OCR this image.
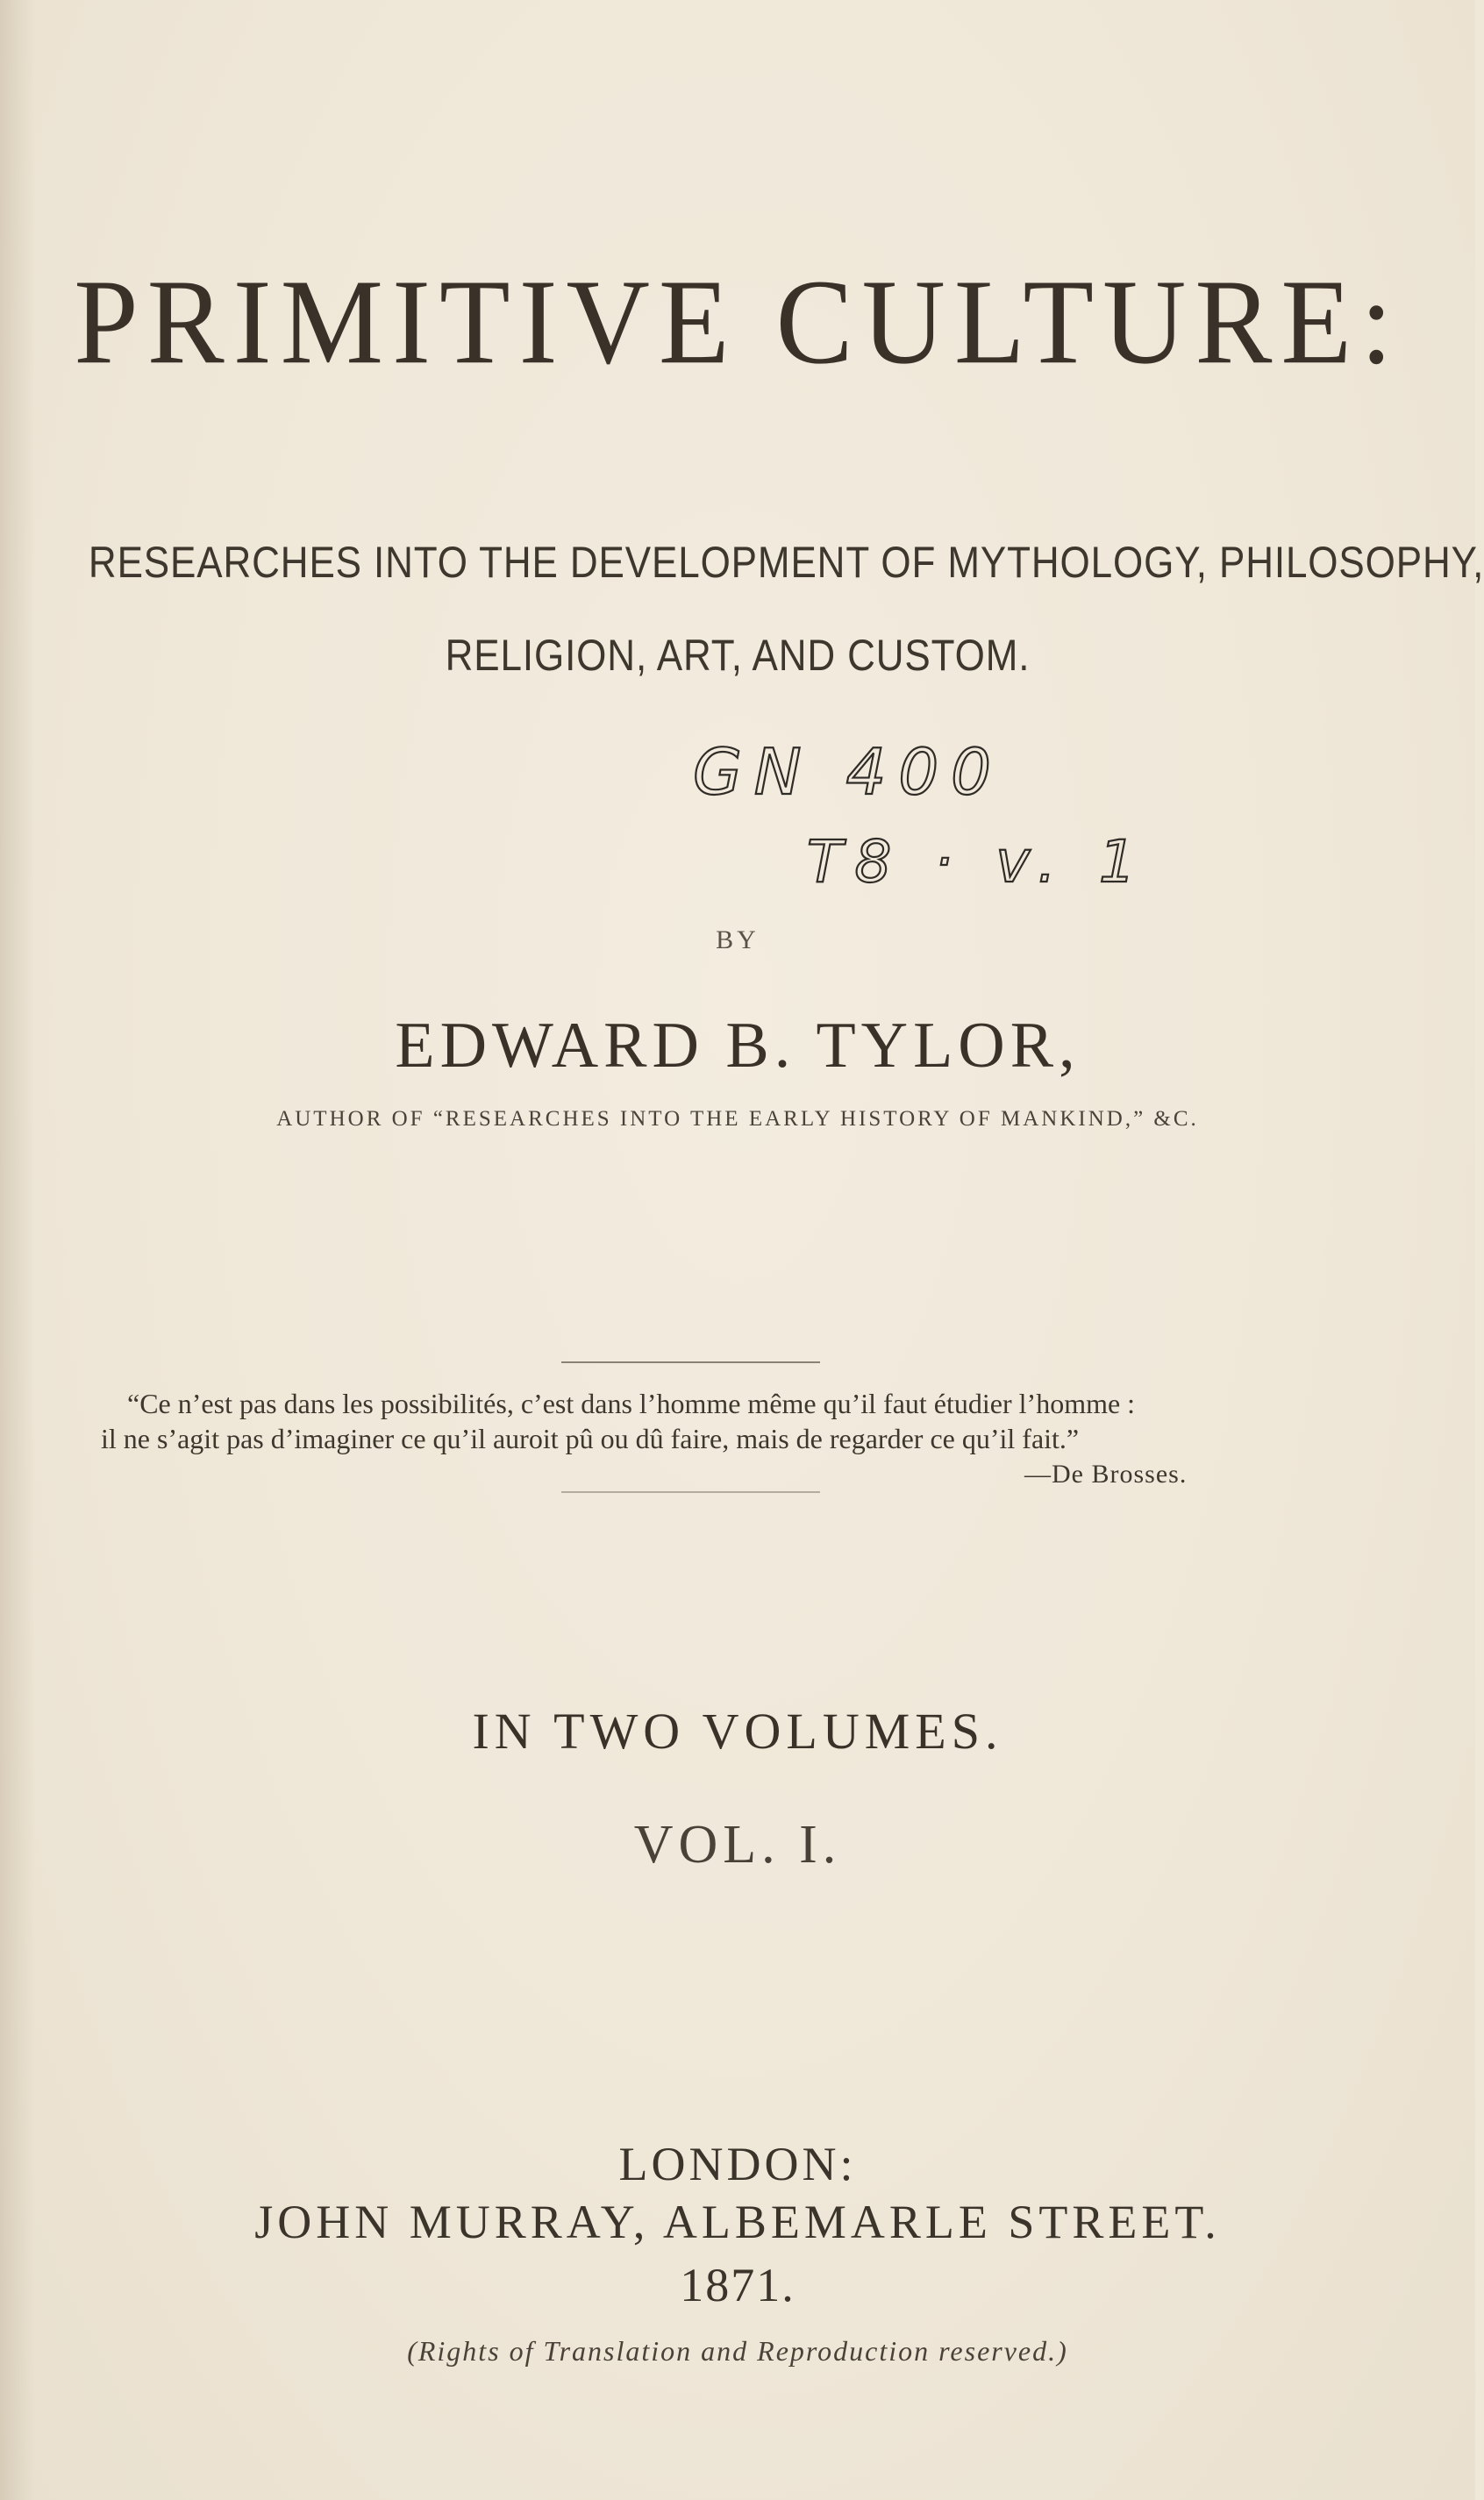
PRIMITIVE CULTURE:
RESEARCHES INTO THE DEVELOPMENT OF MYTHOLOGY, PHILOSOPHY,
RELIGION, ART, AND CUSTOM.
GN 400
T8 · v. 1
BY
EDWARD B. TYLOR,
AUTHOR OF “RESEARCHES INTO THE EARLY HISTORY OF MANKIND,” &C.
“Ce n’est pas dans les possibilités, c’est dans l’homme même qu’il faut étudier l’homme :
il ne s’agit pas d’imaginer ce qu’il auroit pû ou dû faire, mais de regarder ce qu’il fait.”
—De Brosses.
IN TWO VOLUMES.
VOL. I.
LONDON:
JOHN MURRAY, ALBEMARLE STREET.
1871.
(Rights of Translation and Reproduction reserved.)
